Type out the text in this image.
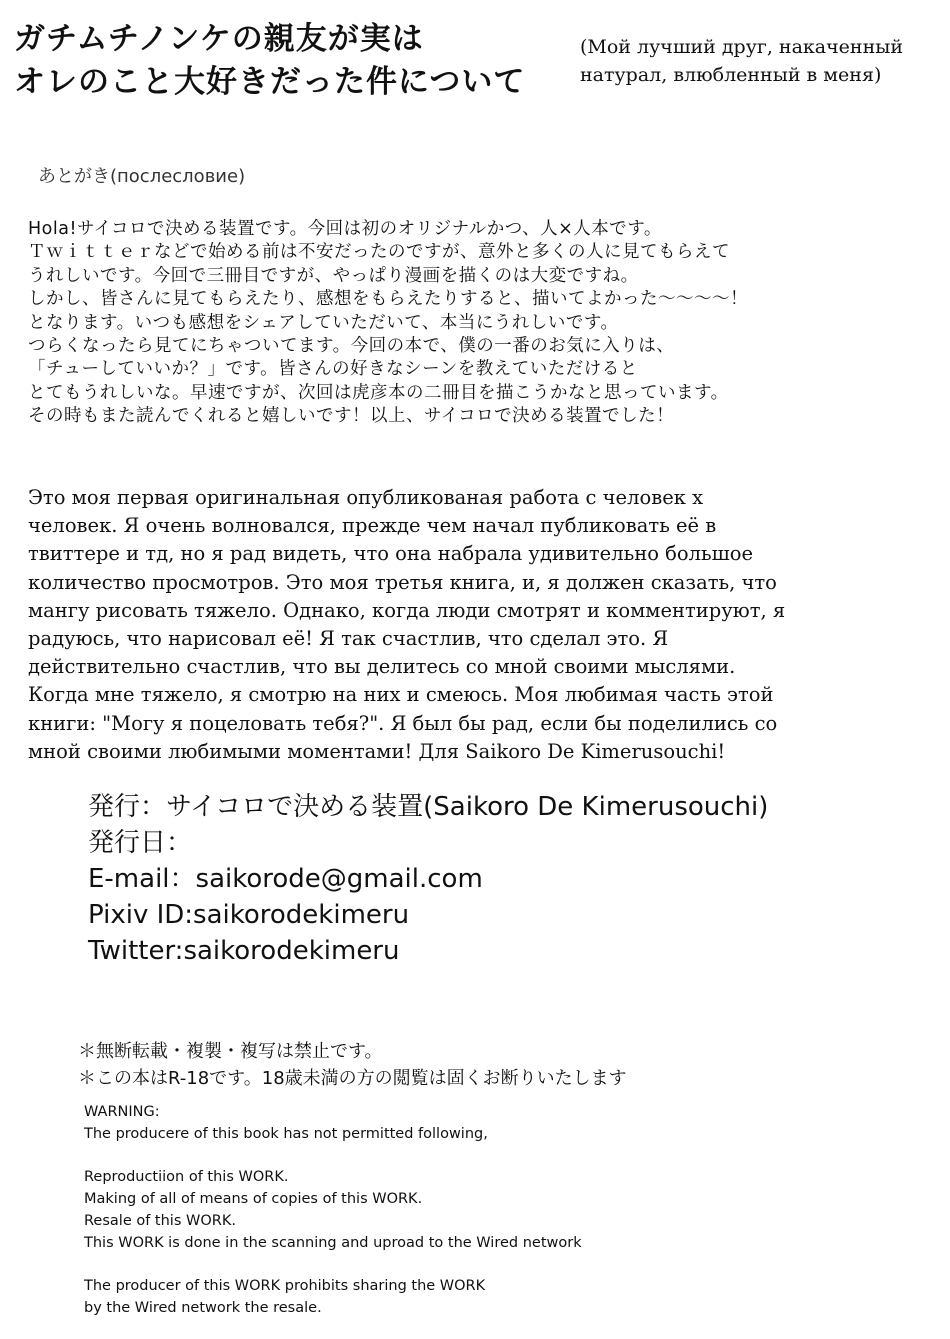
ガチムチノンケの親友が実は
オレのこと大好きだった件について
(Мой лучший друг, накаченный
натурал, влюбленный в меня)
あとがき(послесловие)
Hola!サイコロで決める装置です。今回は初のオリジナルかつ、人×人本です。
Ｔｗｉｔｔｅｒなどで始める前は不安だったのですが、意外と多くの人に見てもらえて
うれしいです。今回で三冊目ですが、やっぱり漫画を描くのは大変ですね。
しかし、皆さんに見てもらえたり、感想をもらえたりすると、描いてよかった〜〜〜〜！
となります。いつも感想をシェアしていただいて、本当にうれしいです。
つらくなったら見てにちゃついてます。今回の本で、僕の一番のお気に入りは、
「チューしていいか？」です。皆さんの好きなシーンを教えていただけると
とてもうれしいな。早速ですが、次回は虎彦本の二冊目を描こうかなと思っています。
その時もまた読んでくれると嬉しいです！以上、サイコロで決める装置でした！
Это моя первая оригинальная опубликованая работа с человек х
человек. Я очень волновался, прежде чем начал публиковать её в
твиттере и тд, но я рад видеть, что она набрала удивительно большое
количество просмотров. Это моя третья книга, и, я должен сказать, что
мангу рисовать тяжело. Однако, когда люди смотрят и комментируют, я
радуюсь, что нарисовал её! Я так счастлив, что сделал это. Я
действительно счастлив, что вы делитесь со мной своими мыслями.
Когда мне тяжело, я смотрю на них и смеюсь. Моя любимая часть этой
книги: "Могу я поцеловать тебя?". Я был бы рад, если бы поделились со
мной своими любимыми моментами! Для Saikoro De Kimerusouchi!
発行：サイコロで決める装置(Saikoro De Kimerusouchi)
発行日：
E-mail：saikorode@gmail.com
Pixiv ID:saikorodekimeru
Twitter:saikorodekimeru
＊無断転載・複製・複写は禁止です。
＊この本はR-18です。18歳未満の方の閲覧は固くお断りいたします
WARNING:
The producere of this book has not permitted following,

Reproductiion of this WORK.
Making of all of means of copies of this WORK.
Resale of this WORK.
This WORK is done in the scanning and uproad to the Wired network

The producer of this WORK prohibits sharing the WORK
by the Wired network the resale.
